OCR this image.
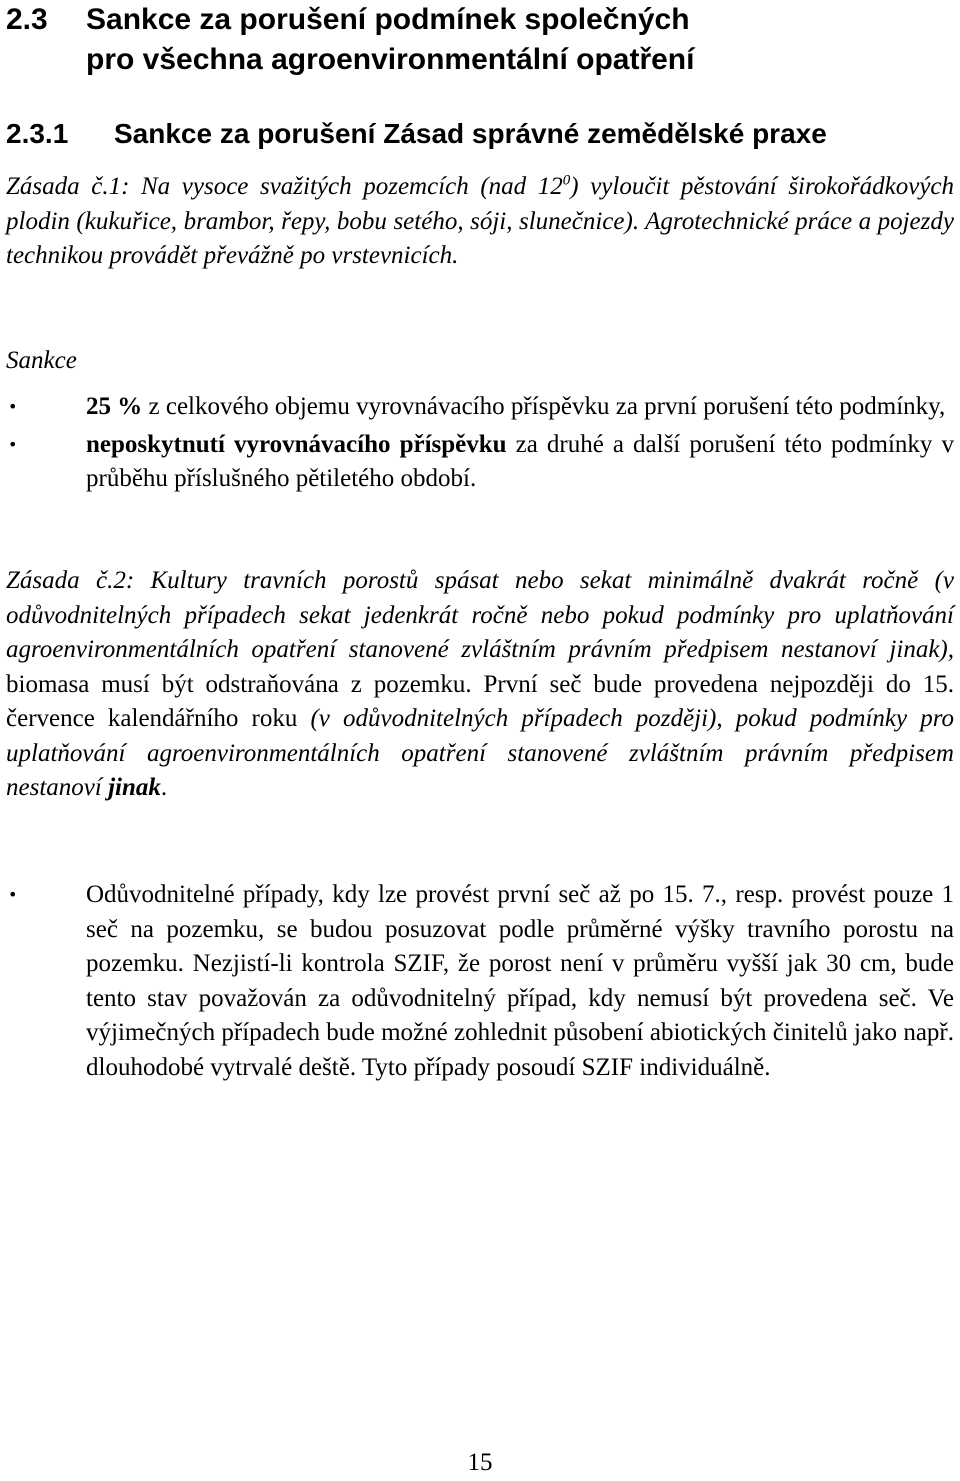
2.3 Sankce za porušení podmínek společných
pro všechna agroenvironmentální opatření
2.3.1 Sankce za porušení Zásad správné zemědělské praxe

Zásada č.1: Na vysoce svažitých pozemcích (nad $12^0$) vyloučit pěstování širokořádkových plodin (kukuřice, brambor, řepy, bobu setého, sóji, slunečnice). Agrotechnické práce a pojezdy technikou provádět převážně po vrstevnicích.

Sankce

•	25 % z celkového objemu vyrovnávacího příspěvku za první porušení této podmínky,
•	neposkytnutí vyrovnávacího příspěvku za druhé a další porušení této podmínky v průběhu příslušného pětiletého období.

Zásada č.2: Kultury travních porostů spásat nebo sekat minimálně dvakrát ročně (v odůvodnitelných případech sekat jedenkrát ročně nebo pokud podmínky pro uplatňování agroenvironmentálních opatření stanovené zvláštním právním předpisem nestanoví jinak), biomasa musí být odstraňována z pozemku. První seč bude provedena nejpozději do 15. července kalendářního roku (v odůvodnitelných případech později), pokud podmínky pro uplatňování agroenvironmentálních opatření stanovené zvláštním právním předpisem nestanoví jinak.

•	Odůvodnitelné případy, kdy lze provést první seč až po 15. 7., resp. provést pouze 1 seč na pozemku, se budou posuzovat podle průměrné výšky travního porostu na pozemku. Nezjistí-li kontrola SZIF, že porost není v průměru vyšší jak 30 cm, bude tento stav považován za odůvodnitelný případ, kdy nemusí být provedena seč. Ve výjimečných případech bude možné zohlednit působení abiotických činitelů jako např. dlouhodobé vytrvalé deště. Tyto případy posoudí SZIF individuálně.

15
